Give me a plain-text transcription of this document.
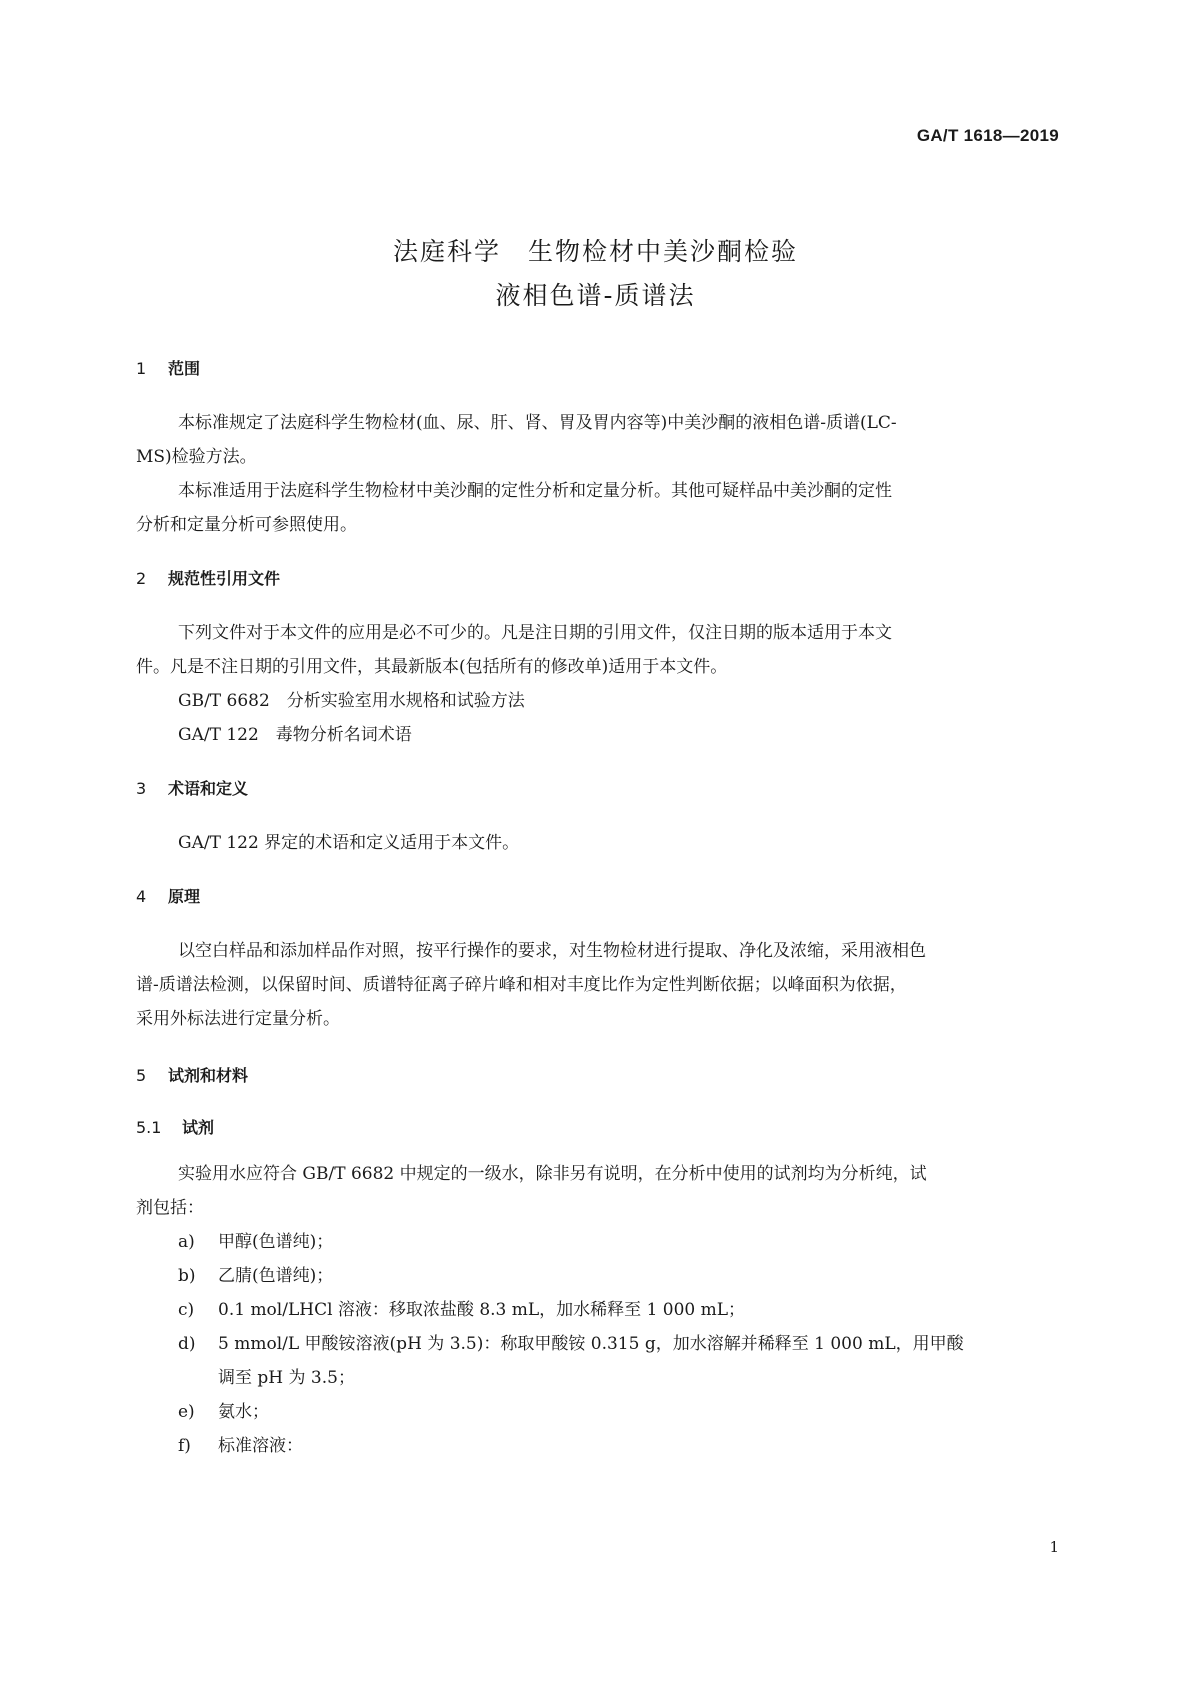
GA/T 1618—2019
法庭科学　生物检材中美沙酮检验
液相色谱-质谱法
1 范围
本标准规定了法庭科学生物检材(血、尿、肝、肾、胃及胃内容等)中美沙酮的液相色谱-质谱(LC-
MS)检验方法。
本标准适用于法庭科学生物检材中美沙酮的定性分析和定量分析。其他可疑样品中美沙酮的定性
分析和定量分析可参照使用。
2 规范性引用文件
下列文件对于本文件的应用是必不可少的。凡是注日期的引用文件，仅注日期的版本适用于本文
件。凡是不注日期的引用文件，其最新版本(包括所有的修改单)适用于本文件。
GB/T 6682　分析实验室用水规格和试验方法
GA/T 122　毒物分析名词术语
3 术语和定义
GA/T 122 界定的术语和定义适用于本文件。
4 原理
以空白样品和添加样品作对照，按平行操作的要求，对生物检材进行提取、净化及浓缩，采用液相色
谱-质谱法检测，以保留时间、质谱特征离子碎片峰和相对丰度比作为定性判断依据；以峰面积为依据，
采用外标法进行定量分析。
5 试剂和材料
5.1 试剂
实验用水应符合 GB/T 6682 中规定的一级水，除非另有说明，在分析中使用的试剂均为分析纯，试
剂包括：
a) 甲醇(色谱纯)；
b) 乙腈(色谱纯)；
c) 0.1 mol/LHCl 溶液：移取浓盐酸 8.3 mL，加水稀释至 1 000 mL；
d) 5 mmol/L 甲酸铵溶液(pH 为 3.5)：称取甲酸铵 0.315 g，加水溶解并稀释至 1 000 mL，用甲酸
调至 pH 为 3.5；
e) 氨水；
f) 标准溶液：
1
